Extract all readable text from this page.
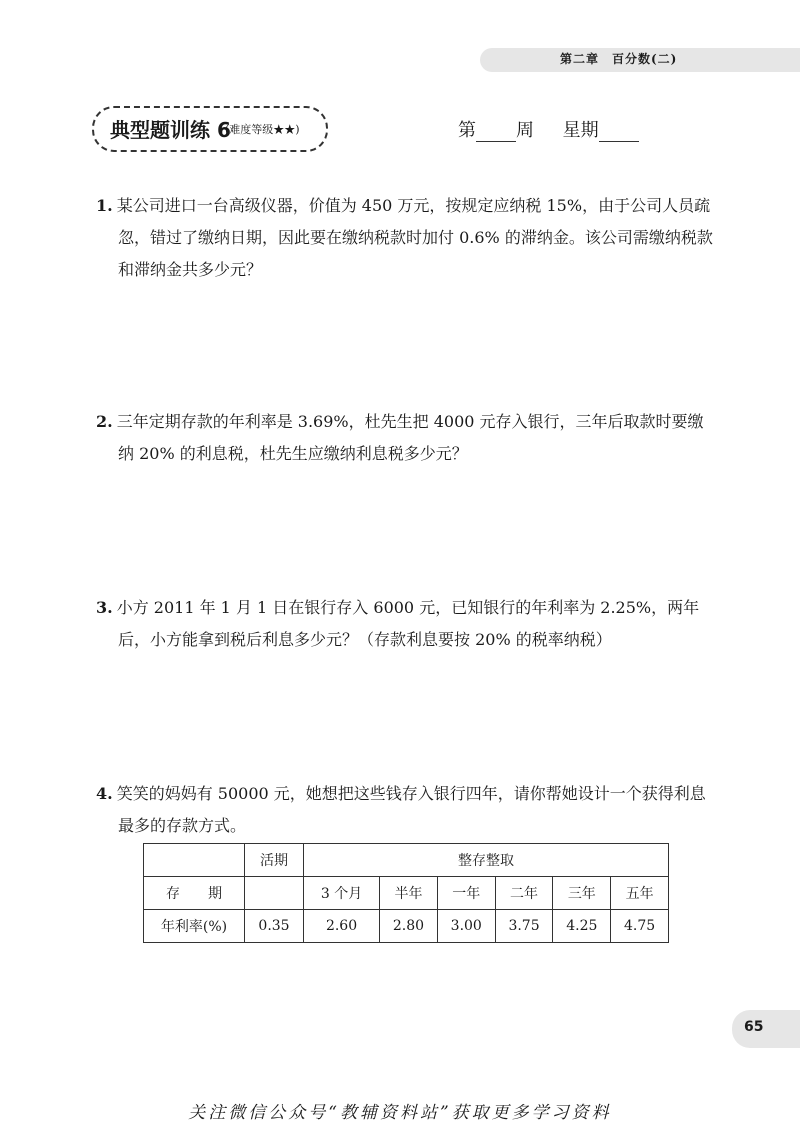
第二章　百分数(二)
典型题训练 6
(难度等级★★)	第 周 星期
1. 某公司进口一台高级仪器，价值为 450 万元，按规定应纳税 15%，由于公司人员疏忽，错过了缴纳日期，因此要在缴纳税款时加付 0.6% 的滞纳金。该公司需缴纳税款和滞纳金共多少元？
2. 三年定期存款的年利率是 3.69%，杜先生把 4000 元存入银行，三年后取款时要缴纳 20% 的利息税，杜先生应缴纳利息税多少元？
3. 小方 2011 年 1 月 1 日在银行存入 6000 元，已知银行的年利率为 2.25%，两年后，小方能拿到税后利息多少元？（存款利息要按 20% 的税率纳税）
4. 笑笑的妈妈有 50000 元，她想把这些钱存入银行四年，请你帮她设计一个获得利息最多的存款方式。
	活期	整存整取					
存　　期		3 个月	半年	一年	二年	三年	五年
年利率(%)	0.35	2.60	2.80	3.00	3.75	4.25	4.75
65
关注微信公众号“教辅资料站”获取更多学习资料
